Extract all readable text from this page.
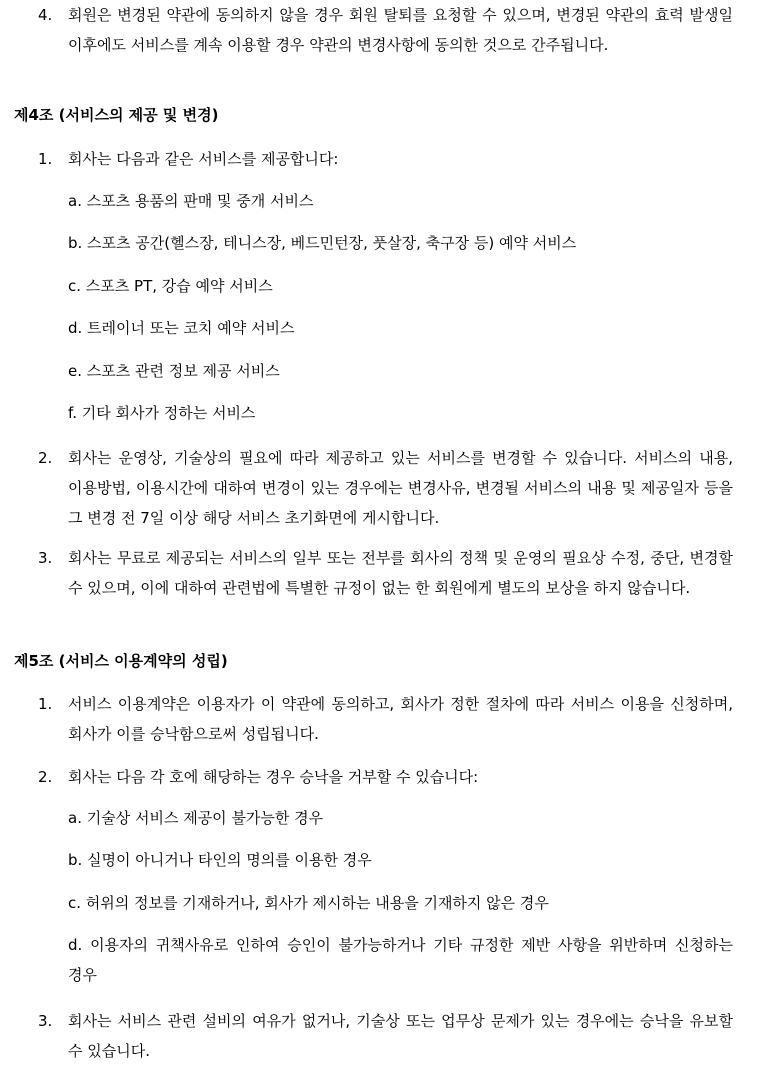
4.	회원은 변경된 약관에 동의하지 않을 경우 회원 탈퇴를 요청할 수 있으며, 변경된 약관의 효력 발생일 이후에도 서비스를 계속 이용할 경우 약관의 변경사항에 동의한 것으로 간주됩니다.
제4조 (서비스의 제공 및 변경)
1.	회사는 다음과 같은 서비스를 제공합니다:
a. 스포츠 용품의 판매 및 중개 서비스
b. 스포츠 공간(헬스장, 테니스장, 베드민턴장, 풋살장, 축구장 등) 예약 서비스
c. 스포츠 PT, 강습 예약 서비스
d. 트레이너 또는 코치 예약 서비스
e. 스포츠 관련 정보 제공 서비스
f. 기타 회사가 정하는 서비스
2.	회사는 운영상, 기술상의 필요에 따라 제공하고 있는 서비스를 변경할 수 있습니다. 서비스의 내용, 이용방법, 이용시간에 대하여 변경이 있는 경우에는 변경사유, 변경될 서비스의 내용 및 제공일자 등을 그 변경 전 7일 이상 해당 서비스 초기화면에 게시합니다.
3.	회사는 무료로 제공되는 서비스의 일부 또는 전부를 회사의 정책 및 운영의 필요상 수정, 중단, 변경할 수 있으며, 이에 대하여 관련법에 특별한 규정이 없는 한 회원에게 별도의 보상을 하지 않습니다.
제5조 (서비스 이용계약의 성립)
1.	서비스 이용계약은 이용자가 이 약관에 동의하고, 회사가 정한 절차에 따라 서비스 이용을 신청하며, 회사가 이를 승낙함으로써 성립됩니다.
2.	회사는 다음 각 호에 해당하는 경우 승낙을 거부할 수 있습니다:
a. 기술상 서비스 제공이 불가능한 경우
b. 실명이 아니거나 타인의 명의를 이용한 경우
c. 허위의 정보를 기재하거나, 회사가 제시하는 내용을 기재하지 않은 경우
d. 이용자의 귀책사유로 인하여 승인이 불가능하거나 기타 규정한 제반 사항을 위반하며 신청하는 경우
3.	회사는 서비스 관련 설비의 여유가 없거나, 기술상 또는 업무상 문제가 있는 경우에는 승낙을 유보할 수 있습니다.
